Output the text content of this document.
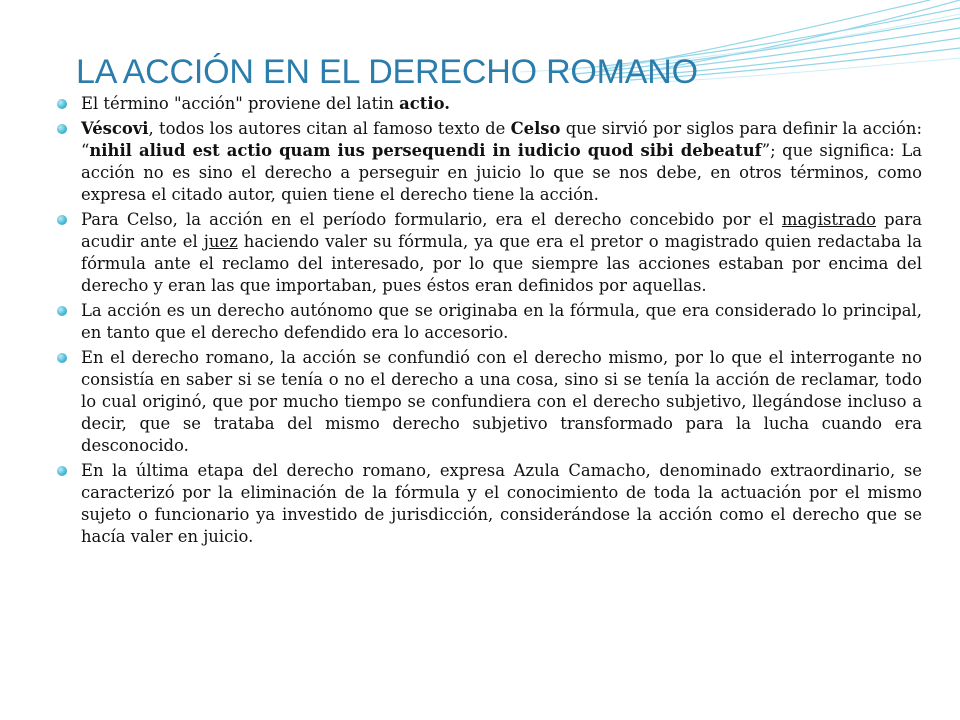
LA ACCIÓN EN EL DERECHO ROMANO
El término "acción" proviene del latin actio.
Véscovi, todos los autores citan al famoso texto de Celso que sirvió por siglos para definir la acción: “nihil aliud est actio quam ius persequendi in iudicio quod sibi debeatuf”; que significa: La acción no es sino el derecho a perseguir en juicio lo que se nos debe, en otros términos, como expresa el citado autor, quien tiene el derecho tiene la acción.
Para Celso, la acción en el período formulario, era el derecho concebido por el magistrado para acudir ante el juez haciendo valer su fórmula, ya que era el pretor o magistrado quien redactaba la fórmula ante el reclamo del interesado, por lo que siempre las acciones estaban por encima del derecho y eran las que importaban, pues éstos eran definidos por aquellas.
La acción es un derecho autónomo que se originaba en la fórmula, que era considerado lo principal, en tanto que el derecho defendido era lo accesorio.
En el derecho romano, la acción se confundió con el derecho mismo, por lo que el interrogante no consistía en saber si se tenía o no el derecho a una cosa, sino si se tenía la acción de reclamar, todo lo cual originó, que por mucho tiempo se confundiera con el derecho subjetivo, llegándose incluso a decir, que se trataba del mismo derecho subjetivo transformado para la lucha cuando era desconocido.
En la última etapa del derecho romano, expresa Azula Camacho, denominado extraordinario, se caracterizó por la eliminación de la fórmula y el conocimiento de toda la actuación por el mismo sujeto o funcionario ya investido de jurisdicción, considerándose la acción como el derecho que se hacía valer en juicio.
